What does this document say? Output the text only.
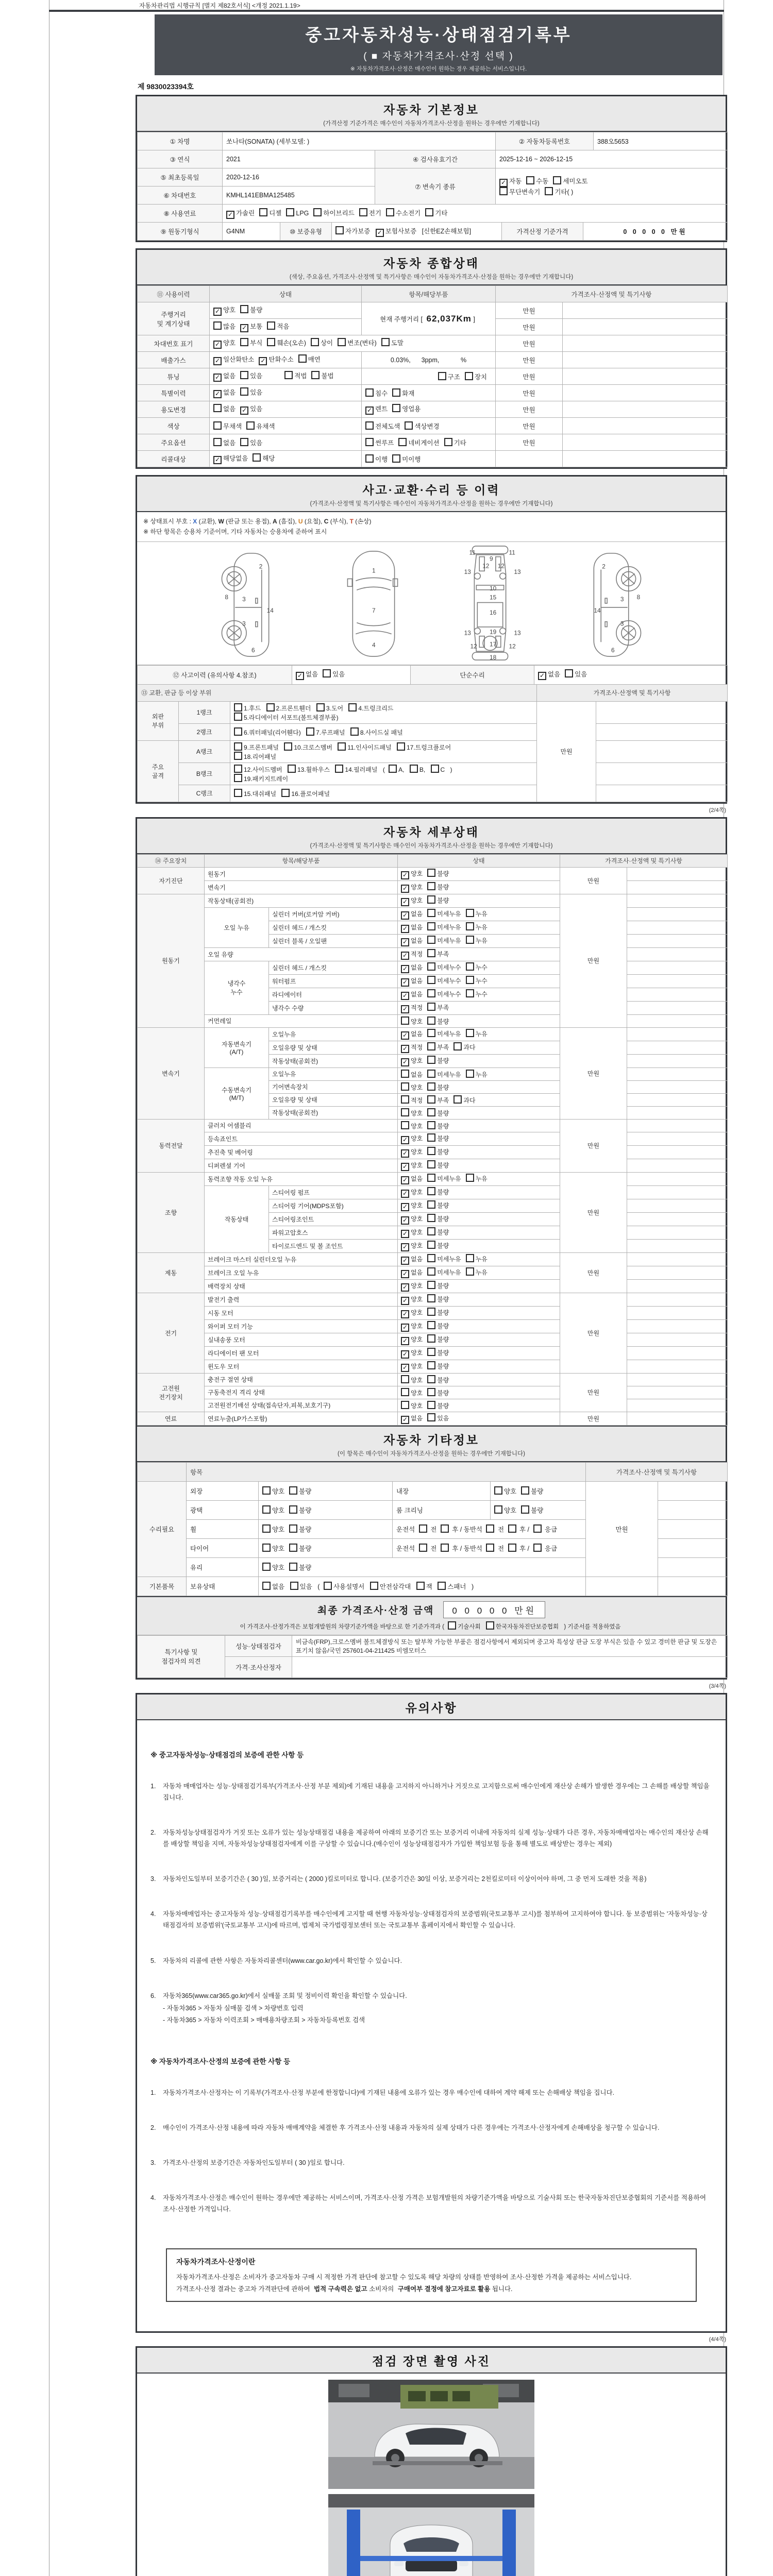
자동차관리법 시행규칙 [별지 제82호서식] <개정 2021.1.19>
중고자동차성능·상태점검기록부
( ■ 자동차가격조사·산정 선택 )
※ 자동차가격조사·산정은 매수인이 원하는 경우 제공하는 서비스입니다.
제 9830023394호
자동차 기본정보
(가격산정 기준가격은 매수인이 자동차가격조사·산정을 원하는 경우에만 기재합니다)
① 차명	쏘나타(SONATA) (세부모델: )		② 자동차등록번호	388오5653
③ 연식	2021	④ 검사유효기간	2025-12-16 ~ 2026-12-15	
⑤ 최초등록일	2020-12-16	⑦ 변속기 종류	✓ 자동 수동 세미오토
무단변속기 기타( )
⑥ 차대번호	KMHL141EBMA125485		
⑧ 사용연료	✓ 가솔린 디젤 LPG 하이브리드 전기 수소전기 기타
⑨ 원동기형식	G4NM	⑩ 보증유형	자가보증 ✓ 보험사보증 [신한EZ손해보험]	가격산정 기준가격	0 0 0 0 0 만원
자동차 종합상태
(색상, 주요옵션, 가격조사·산정액 및 특기사항은 매수인이 자동차가격조사·산정을 원하는 경우에만 기재합니다)
⑪ 사용이력	상태	항목/해당부품	가격조사·산정액 및 특기사항	
주행거리
및 계기상태	✓ 양호 불량	현재 주행거리 [ 62,037Km ]	만원	
	많음 ✓ 보통 적음		만원	
차대번호 표기	✓ 양호 부식 훼손(오손) 상이 변조(변타) 도말		만원	
배출가스	✓ 일산화탄소 ✓ 탄화수소 매연	0.03%,      3ppm,            %	만원	
튜닝	✓ 없음 있음 적법 불법	구조 장치	만원	
특별이력	✓ 없음 있음	침수 화재	만원	
용도변경	없음 ✓ 있음	✓ 렌트 영업용	만원	
색상	무채색 유채색	전체도색 색상변경	만원	
주요옵션	없음 있음	썬루프 네비게이션 기타	만원	
리콜대상	✓ 해당없음 해당	이행 미이행		
사고·교환·수리 등 이력
(가격조사·산정액 및 특기사항은 매수인이 자동차가격조사·산정을 원하는 경우에만 기재합니다)
※ 상태표시 부호 : X (교환), W (판금 또는 용접), A (흠집), U (요철), C (부식), T (손상)
※ 하단 항목은 승용차 기준이며, 기타 자동차는 승용차에 준하여 표시
2
8 3
14
3
6
1
7
4
9
11	11
13
12 12
13
10
15
16
13	19	13
12 17 12
18
2
8
3
14
3
6
⑫ 사고이력 (유의사항 4.참조)	✓ 없음 있음	단순수리	✓ 없음 있음
⑬ 교환, 판금 등 이상 부위			가격조사·산정액 및 특기사항	
외판
부위	1랭크	1.후드 2.프론트휀더 3.도어 4.트렁크리드
5.라디에이터 서포트(볼트체결부품)	만원	
	2랭크	6.쿼터패널(리어휀다) 7.루프패널 8.사이드실 패널		
주요
골격	A랭크	9.프론트패널 10.크로스멤버 11.인사이드패널 17.트렁크플로어
18.리어패널		
	B랭크	12.사이드멤버 13.휠하우스 14.필러패널 ( A, B, C )
19.패키지트레이		
	C랭크	15.대쉬패널 16.플로어패널		
(2/4쪽)
자동차 세부상태
(가격조사·산정액 및 특기사항은 매수인이 자동차가격조사·산정을 원하는 경우에만 기재합니다)
⑭ 주요장치	항목/해당부품		상태	가격조사·산정액 및 특기사항	
자기진단	원동기		✓ 양호 불량	만원	
	변속기		✓ 양호 불량		
원동기	작동상태(공회전)		✓ 양호 불량	만원	
	오일 누유	실린더 커버(로커암 커버)	✓ 없음 미세누유 누유		
		실린더 헤드 / 개스킷	✓ 없음 미세누유 누유		
		실린더 블록 / 오일팬	✓ 없음 미세누유 누유		
	오일 유량		✓ 적정 부족		
	냉각수
누수	실린더 헤드 / 개스킷	✓ 없음 미세누수 누수		
		워터펌프	✓ 없음 미세누수 누수		
		라디에이터	✓ 없음 미세누수 누수		
		냉각수 수량	✓ 적정 부족		
	커먼레일		양호 불량		
변속기	자동변속기
(A/T)	오일누유	✓ 없음 미세누유 누유	만원	
		오일유량 및 상태	✓ 적정 부족 과다		
		작동상태(공회전)	✓ 양호 불량		
	수동변속기
(M/T)	오일누유	없음 미세누유 누유		
		기어변속장치	양호 불량		
		오일유량 및 상태	적정 부족 과다		
		작동상태(공회전)	양호 불량		
동력전달	클러치 어셈블리		양호 불량	만원	
	등속죠인트		✓ 양호 불량		
	추진축 및 베어링		✓ 양호 불량		
	디퍼렌셜 기어		✓ 양호 불량		
조향	동력조향 작동 오일 누유		✓ 없음 미세누유 누유	만원	
	작동상태	스티어링 펌프	✓ 양호 불량		
		스티어링 기어(MDPS포함)	✓ 양호 불량		
		스티어링조인트	✓ 양호 불량		
		파워고압호스	✓ 양호 불량		
		타이로드엔드 및 볼 조인트	✓ 양호 불량		
제동	브레이크 마스터 실린더오일 누유		✓ 없음 미세누유 누유	만원	
	브레이크 오일 누유		✓ 없음 미세누유 누유		
	배력장치 상태		✓ 양호 불량		
전기	발전기 출력		✓ 양호 불량	만원	
	시동 모터		✓ 양호 불량		
	와이퍼 모터 기능		✓ 양호 불량		
	실내송풍 모터		✓ 양호 불량		
	라디에이터 팬 모터		✓ 양호 불량		
	윈도우 모터		✓ 양호 불량		
고전원
전기장치	충전구 절연 상태		양호 불량	만원	
	구동축전지 격리 상태		양호 불량		
	고전원전기배선 상태(접속단자,피복,보호기구)		양호 불량		
연료	연료누출(LP가스포함)		✓ 없음 있음	만원	
자동차 기타정보
(이 항목은 매수인이 자동차가격조사·산정을 원하는 경우에만 기재합니다)
	항목				가격조사·산정액 및 특기사항	
수리필요	외장	양호 불량	내장	양호 불량	만원	
	광택	양호 불량	룸 크리닝	양호 불량		
	휠	양호 불량	운전석 전 후 / 동반석 전 후 / 응급			
	타이어	양호 불량	운전석 전 후 / 동반석 전 후 / 응급			
	유리	양호 불량				
기본품목	보유상태	없음 있음 ( 사용설명서 안전삼각대 잭 스패너 )				
최종 가격조사·산정 금액	0 0 0 0 0 만원
이 가격조사·산정가격은 보험개발원의 차량기준가액을 바탕으로 한 기준가격과 ( 기술사회	한국자동차진단보증협회 ) 기준서를 적용하였음
특기사항 및
점검자의 의견	성능·상태점검자	비금속(FRP),크로스멤버 볼트체결방식 또는 탈부착 가능한 부품은 점검사항에서 제외되며 중고차 특성상 판금 도장 부식은 있을 수 있고 경미한 판금 및 도장은 표기치 않음/국민 257601-04-211425 비엠모터스
	가격·조사산정자	
(3/4쪽)
유의사항
※ 중고자동차성능·상태점검의 보증에 관한 사항 등
1.	자동차 매매업자는 성능·상태점검기록부(가격조사·산정 부분 제외)에 기재된 내용을 고지하지 아니하거나 거짓으로 고지함으로써 매수인에게 재산상 손해가 발생한 경우에는 그 손해를 배상할 책임을 집니다.
2.	자동차성능상태점검자가 거짓 또는 오류가 있는 성능상태점검 내용을 제공하여 아래의 보증기간 또는 보증거리 이내에 자동차의 실제 성능·상태가 다른 경우, 자동차매매업자는 매수인의 재산상 손해를 배상할 책임을 지며, 자동차성능상태점검자에게 이를 구상할 수 있습니다.(매수인이 성능상태점검자가 가입한 책임보험 등을 통해 별도로 배상받는 경우는 제외)
3.	자동차인도일부터 보증기간은 ( 30 )일, 보증거리는 ( 2000 )킬로미터로 합니다. (보증기간은 30일 이상, 보증거리는 2천킬로미터 이상이어야 하며, 그 중 먼저 도래한 것을 적용)
4.	자동차매매업자는 중고자동차 성능·상태점검기록부를 매수인에게 고지할 때 현행 자동차성능·상태점검자의 보증범위(국토교통부 고시)를 첨부하여 고지하여야 합니다. 동 보증범위는 '자동차성능·상태점검자의 보증범위'(국토교통부 고시)에 따르며, 법제처 국가법령정보센터 또는 국토교통부 홈페이지에서 확인할 수 있습니다.
5.	자동차의 리콜에 관한 사항은 자동차리콜센터(www.car.go.kr)에서 확인할 수 있습니다.
6.	자동차365(www.car365.go.kr)에서 실매물 조회 및 정비이력 확인을 확인할 수 있습니다.
- 자동차365 > 자동차 실매물 검색 > 차량번호 입력
- 자동차365 > 자동차 이력조회 > 매매용차량조회 > 자동차등록번호 검색
※ 자동차가격조사·산정의 보증에 관한 사항 등
1.	자동차가격조사·산정자는 이 기록부(가격조사·산정 부분에 한정합니다)에 기재된 내용에 오류가 있는 경우 매수인에 대하여 계약 해제 또는 손해배상 책임을 집니다.
2.	매수인이 가격조사·산정 내용에 따라 자동차 매매계약을 체결한 후 가격조사·산정 내용과 자동차의 실제 상태가 다른 경우에는 가격조사·산정자에게 손해배상을 청구할 수 있습니다.
3.	가격조사·산정의 보증기간은 자동차인도일부터 ( 30 )일로 합니다.
4.	자동차가격조사·산정은 매수인이 원하는 경우에만 제공하는 서비스이며, 가격조사·산정 가격은 보험개발원의 차량기준가액을 바탕으로 기술사회 또는 한국자동차진단보증협회의 기준서를 적용하여 조사·산정한 가격입니다.
자동차가격조사·산정이란
자동차가격조사·산정은 소비자가 중고자동차 구매 시 적정한 가격 판단에 참고할 수 있도록 해당 차량의 상태를 반영하여 조사·산정한 가격을 제공하는 서비스입니다.
가격조사·산정 결과는 중고차 가격판단에 관하여 법적 구속력은 없고 소비자의 구매여부 결정에 참고자료로 활용 됩니다.
(4/4쪽)
점검 장면 촬영 사진
